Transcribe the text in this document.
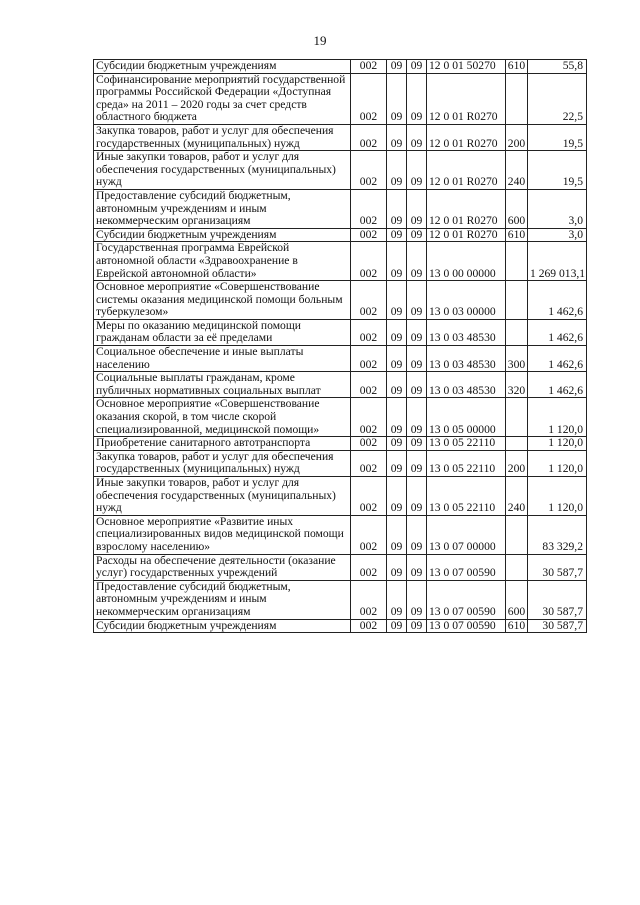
19
Субсидии бюджетным учреждениям	002	09	09	12 0 01 50270	610	55,8
Софинансирование мероприятий государственной программы Российской Федерации «Доступная среда» на 2011 – 2020 годы за счет средств областного бюджета	002	09	09	12 0 01 R0270		22,5
Закупка товаров, работ и услуг для обеспечения государственных (муниципальных) нужд	002	09	09	12 0 01 R0270	200	19,5
Иные закупки товаров, работ и услуг для обеспечения государственных (муниципальных) нужд	002	09	09	12 0 01 R0270	240	19,5
Предоставление субсидий бюджетным, автономным учреждениям и иным некоммерческим организациям	002	09	09	12 0 01 R0270	600	3,0
Субсидии бюджетным учреждениям	002	09	09	12 0 01 R0270	610	3,0
Государственная программа Еврейской автономной области «Здравоохранение в Еврейской автономной области»	002	09	09	13 0 00 00000		1 269 013,1
Основное мероприятие «Совершенствование системы оказания медицинской помощи больным туберкулезом»	002	09	09	13 0 03 00000		1 462,6
Меры по оказанию медицинской помощи гражданам области за её пределами	002	09	09	13 0 03 48530		1 462,6
Социальное обеспечение и иные выплаты населению	002	09	09	13 0 03 48530	300	1 462,6
Социальные выплаты гражданам, кроме публичных нормативных социальных выплат	002	09	09	13 0 03 48530	320	1 462,6
Основное мероприятие «Совершенствование оказания скорой, в том числе скорой специализированной, медицинской помощи»	002	09	09	13 0 05 00000		1 120,0
Приобретение санитарного автотранспорта	002	09	09	13 0 05 22110		1 120,0
Закупка товаров, работ и услуг для обеспечения государственных (муниципальных) нужд	002	09	09	13 0 05 22110	200	1 120,0
Иные закупки товаров, работ и услуг для обеспечения государственных (муниципальных) нужд	002	09	09	13 0 05 22110	240	1 120,0
Основное мероприятие «Развитие иных специализированных видов медицинской помощи взрослому населению»	002	09	09	13 0 07 00000		83 329,2
Расходы на обеспечение деятельности (оказание услуг) государственных учреждений	002	09	09	13 0 07 00590		30 587,7
Предоставление субсидий бюджетным, автономным учреждениям и иным некоммерческим организациям	002	09	09	13 0 07 00590	600	30 587,7
Субсидии бюджетным учреждениям	002	09	09	13 0 07 00590	610	30 587,7
